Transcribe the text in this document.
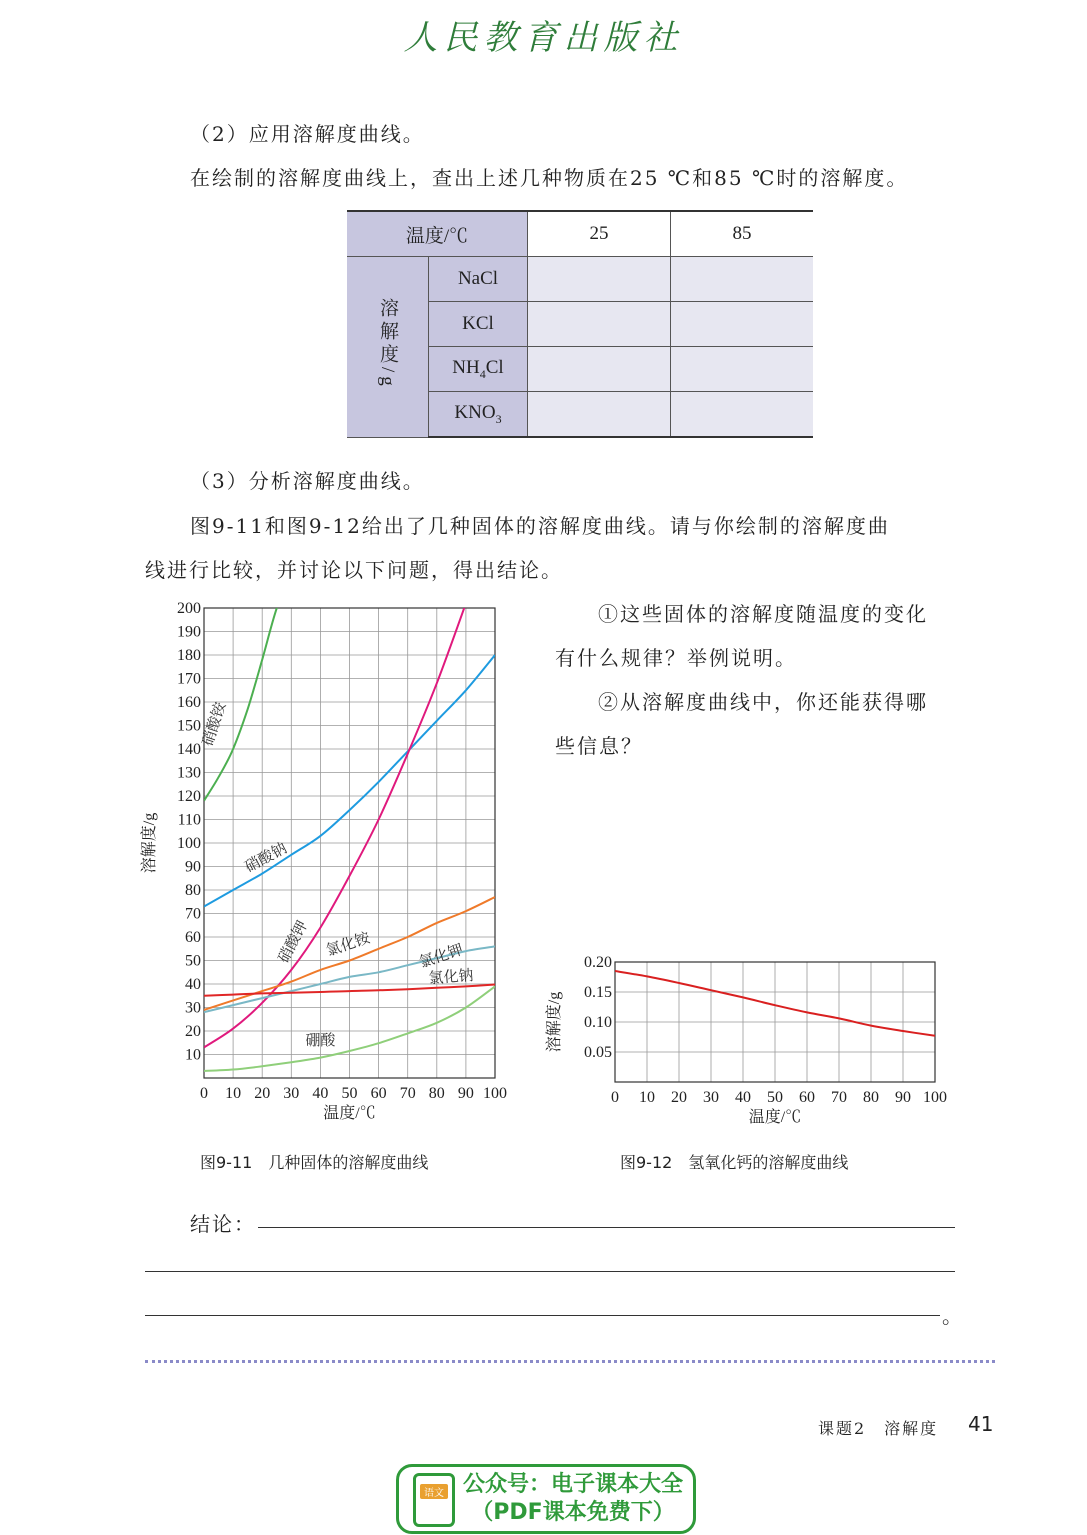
人民教育出版社
（2）应用溶解度曲线。
在绘制的溶解度曲线上，查出上述几种物质在25 ℃和85 ℃时的溶解度。
温度/℃		25	85
溶解度/g	NaCl		
	KCl		
	$NH_4Cl$		
	$KNO_3$		
（3）分析溶解度曲线。
图9-11和图9-12给出了几种固体的溶解度曲线。请与你绘制的溶解度曲
线进行比较，并讨论以下问题，得出结论。
①这些固体的溶解度随温度的变化
有什么规律？举例说明。
②从溶解度曲线中，你还能获得哪
些信息？
0 10 20 30 40 50 60 70 80 90 100
10
20
30
40
50
60
70
80
90
100
110
120
130
140
150
160
170
180
190
200
温度/℃
溶解度/g
硝酸铵
硝酸钠
硝酸钾 氯化铵	氯化钾
氯化钠
硼酸
0 10 20 30 40 50 60 70 80 90 100
0.05
0.10
0.15
0.20
温度/℃
溶解度/g
图9-11　几种固体的溶解度曲线	图9-12　氢氧化钙的溶解度曲线
结论：
。
课题2　溶解度 41
语文 公众号：电子课本大全
（PDF课本免费下）
